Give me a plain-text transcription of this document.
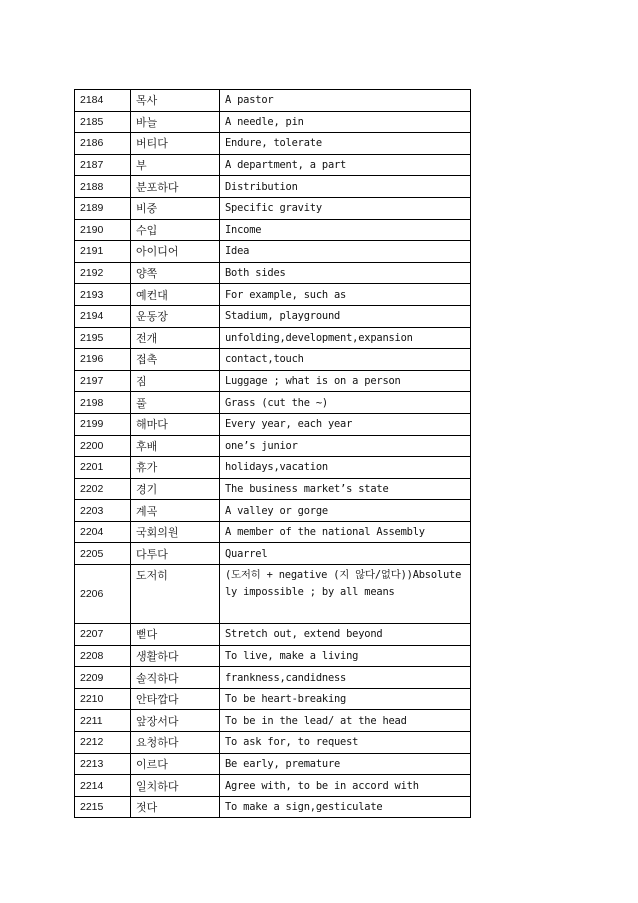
2184	목사	A pastor
2185	바늘	A needle, pin
2186	버티다	Endure, tolerate
2187	부	A department, a part
2188	분포하다	Distribution
2189	비중	Specific gravity
2190	수입	Income
2191	아이디어	Idea
2192	양쪽	Both sides
2193	예컨대	For example, such as
2194	운동장	Stadium, playground
2195	전개	unfolding,development,expansion
2196	접촉	contact,touch
2197	짐	Luggage ; what is on a person
2198	풀	Grass (cut the ~)
2199	해마다	Every year, each year
2200	후배	one’s junior
2201	휴가	holidays,vacation
2202	경기	The business market’s state
2203	계곡	A valley or gorge
2204	국회의원	A member of the national Assembly
2205	다투다	Quarrel
2206	도저히	(도저히 + negative (지 않다/없다))Absolutely impossible ; by all means
2207	뻗다	Stretch out, extend beyond
2208	생활하다	To live, make a living
2209	솔직하다	frankness,candidness
2210	안타깝다	To be heart-breaking
2211	앞장서다	To be in the lead/ at the head
2212	요청하다	To ask for, to request
2213	이르다	Be early, premature
2214	일치하다	Agree with, to be in accord with
2215	젓다	To make a sign,gesticulate
